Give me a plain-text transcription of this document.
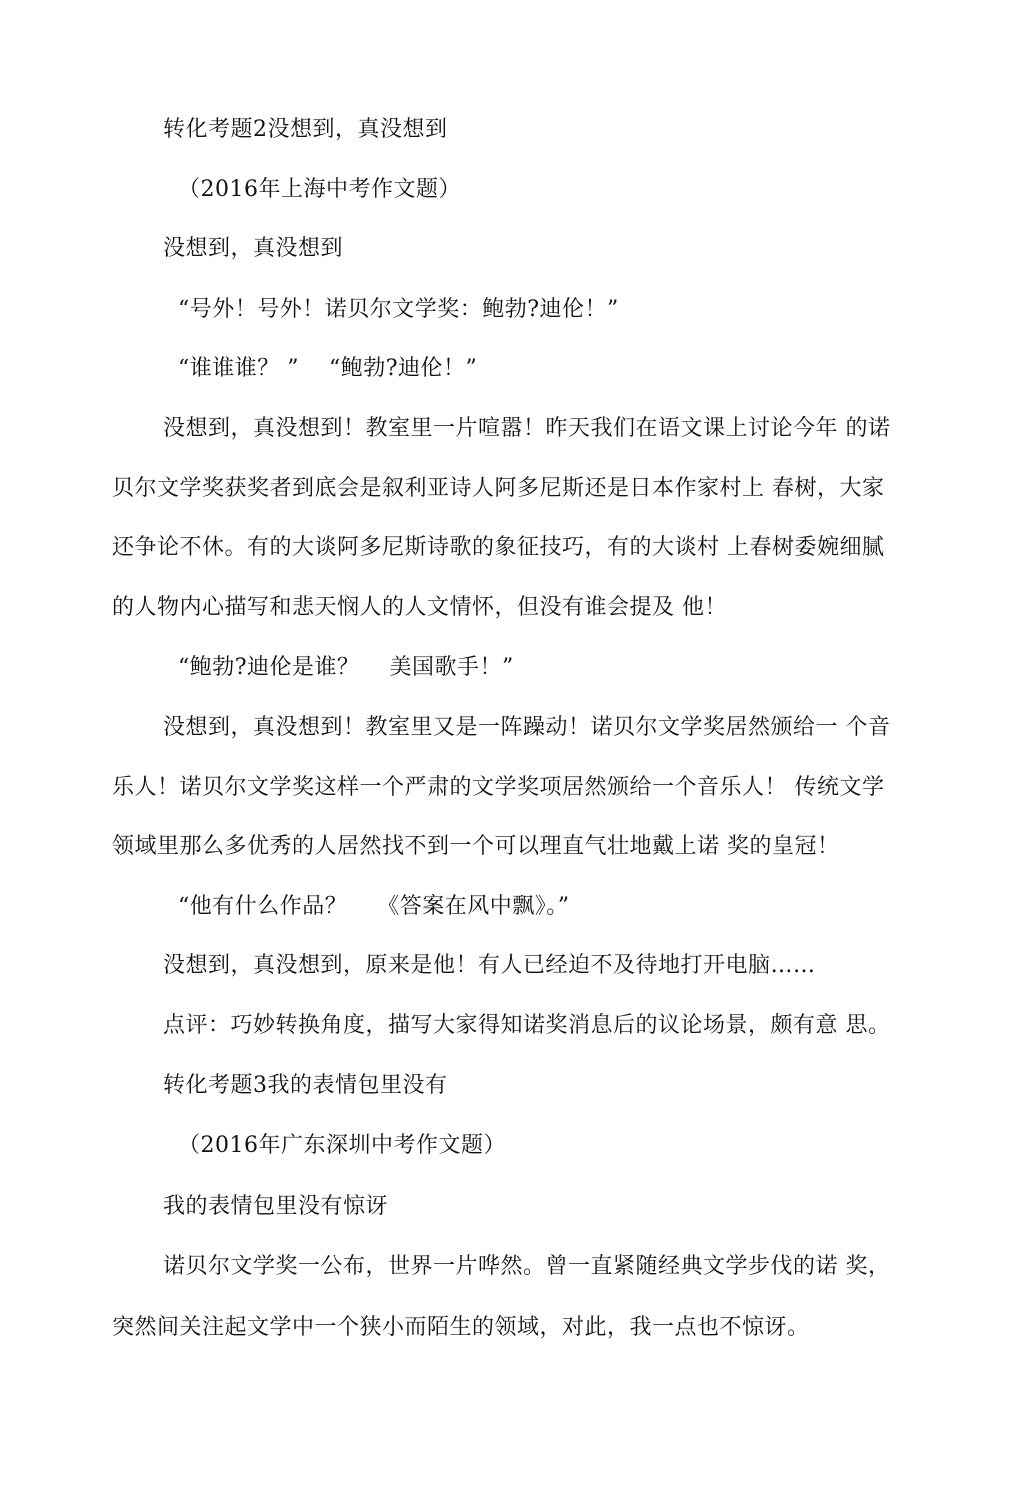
转化考题2没想到，真没想到
（2016年上海中考作文题）
没想到，真没想到
“号外！号外！诺贝尔文学奖：鲍勃?迪伦！”
“谁谁谁？ ”　 “鲍勃?迪伦！”
没想到，真没想到！教室里一片喧嚣！昨天我们在语文课上讨论今年 的诺
贝尔文学奖获奖者到底会是叙利亚诗人阿多尼斯还是日本作家村上 春树，大家
还争论不休。有的大谈阿多尼斯诗歌的象征技巧，有的大谈村 上春树委婉细腻
的人物内心描写和悲天悯人的人文情怀，但没有谁会提及 他！
“鲍勃?迪伦是谁？　 美国歌手！”
没想到，真没想到！教室里又是一阵躁动！诺贝尔文学奖居然颁给一 个音
乐人！诺贝尔文学奖这样一个严肃的文学奖项居然颁给一个音乐人！ 传统文学
领域里那么多优秀的人居然找不到一个可以理直气壮地戴上诺 奖的皇冠！
“他有什么作品？　 《答案在风中飘》。”
没想到，真没想到，原来是他！有人已经迫不及待地打开电脑……
点评：巧妙转换角度，描写大家得知诺奖消息后的议论场景，颇有意 思。
转化考题3我的表情包里没有
（2016年广东深圳中考作文题）
我的表情包里没有惊讶
诺贝尔文学奖一公布，世界一片哗然。曾一直紧随经典文学步伐的诺 奖，
突然间关注起文学中一个狭小而陌生的领域，对此，我一点也不惊讶。
